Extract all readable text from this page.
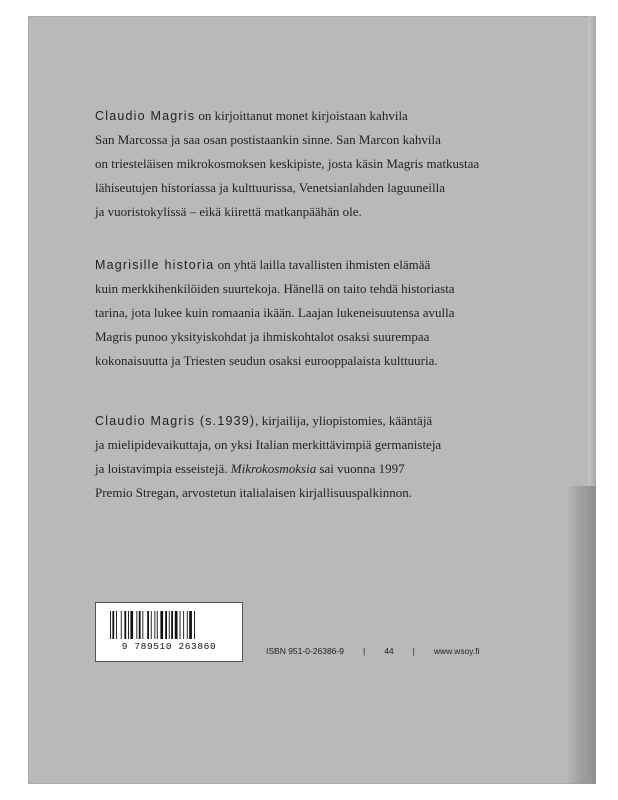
Claudio Magris on kirjoittanut monet kirjoistaan kahvila
San Marcossa ja saa osan postistaankin sinne. San Marcon kahvila
on triesteläisen mikrokosmoksen keskipiste, josta käsin Magris matkustaa
lähiseutujen historiassa ja kulttuurissa, Venetsianlahden laguuneilla
ja vuoristokylissä – eikä kiirettä matkanpäähän ole.

Magrisille historia on yhtä lailla tavallisten ihmisten elämää
kuin merkkihenkilöiden suurtekoja. Hänellä on taito tehdä historiasta
tarina, jota lukee kuin romaania ikään. Laajan lukeneisuutensa avulla
Magris punoo yksityiskohdat ja ihmiskohtalot osaksi suurempaa
kokonaisuutta ja Triesten seudun osaksi eurooppalaista kulttuuria.

Claudio Magris (s.1939), kirjailija, yliopistomies, kääntäjä
ja mielipidevaikuttaja, on yksi Italian merkittävimpiä germanisteja
ja loistavimpia esseistejä. Mikrokosmoksia sai vuonna 1997
Premio Stregan, arvostetun italialaisen kirjallisuuspalkinnon.

9 789510 263860	ISBN 951-0-26386-9 | 44 | www.wsoy.fi
